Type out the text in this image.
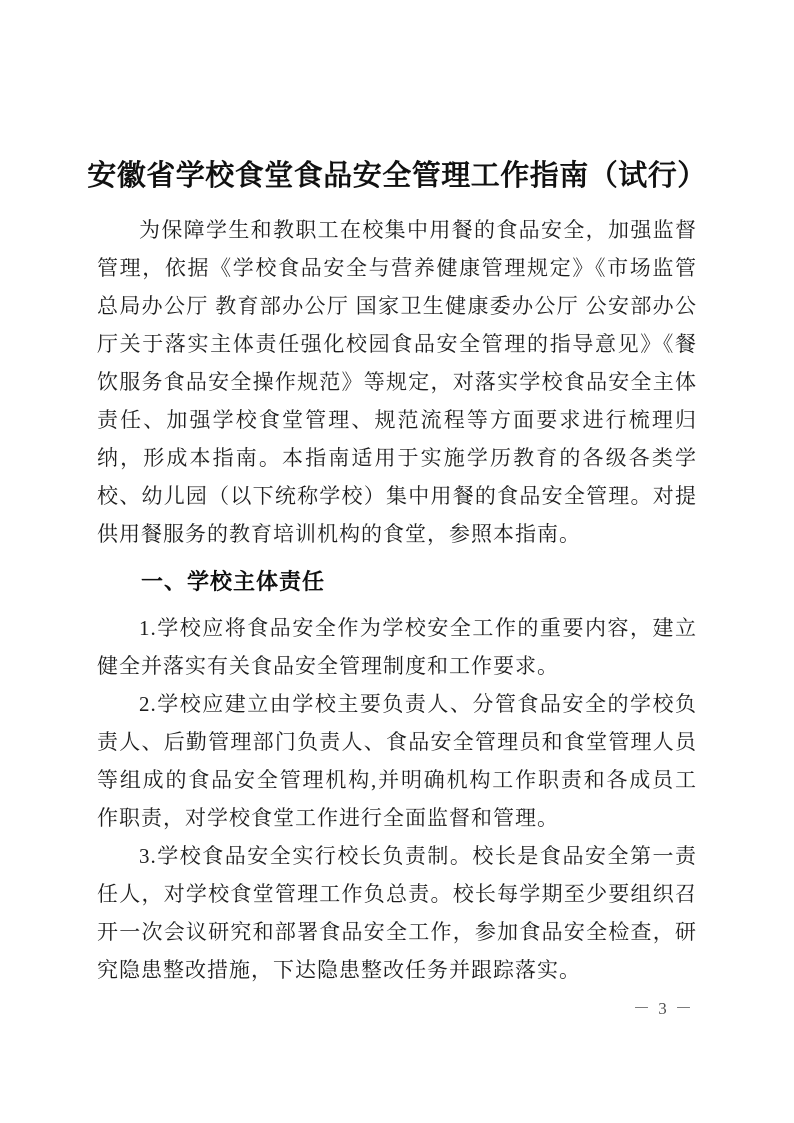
安徽省学校食堂食品安全管理工作指南（试行）

为保障学生和教职工在校集中用餐的食品安全，加强监督管理，依据《学校食品安全与营养健康管理规定》《市场监管总局办公厅 教育部办公厅 国家卫生健康委办公厅 公安部办公厅关于落实主体责任强化校园食品安全管理的指导意见》《餐饮服务食品安全操作规范》等规定，对落实学校食品安全主体责任、加强学校食堂管理、规范流程等方面要求进行梳理归纳，形成本指南。本指南适用于实施学历教育的各级各类学校、幼儿园（以下统称学校）集中用餐的食品安全管理。对提供用餐服务的教育培训机构的食堂，参照本指南。

一、学校主体责任

1.学校应将食品安全作为学校安全工作的重要内容，建立健全并落实有关食品安全管理制度和工作要求。

2.学校应建立由学校主要负责人、分管食品安全的学校负责人、后勤管理部门负责人、食品安全管理员和食堂管理人员等组成的食品安全管理机构,并明确机构工作职责和各成员工作职责，对学校食堂工作进行全面监督和管理。

3.学校食品安全实行校长负责制。校长是食品安全第一责任人，对学校食堂管理工作负总责。校长每学期至少要组织召开一次会议研究和部署食品安全工作，参加食品安全检查，研究隐患整改措施，下达隐患整改任务并跟踪落实。

－ 3 －
